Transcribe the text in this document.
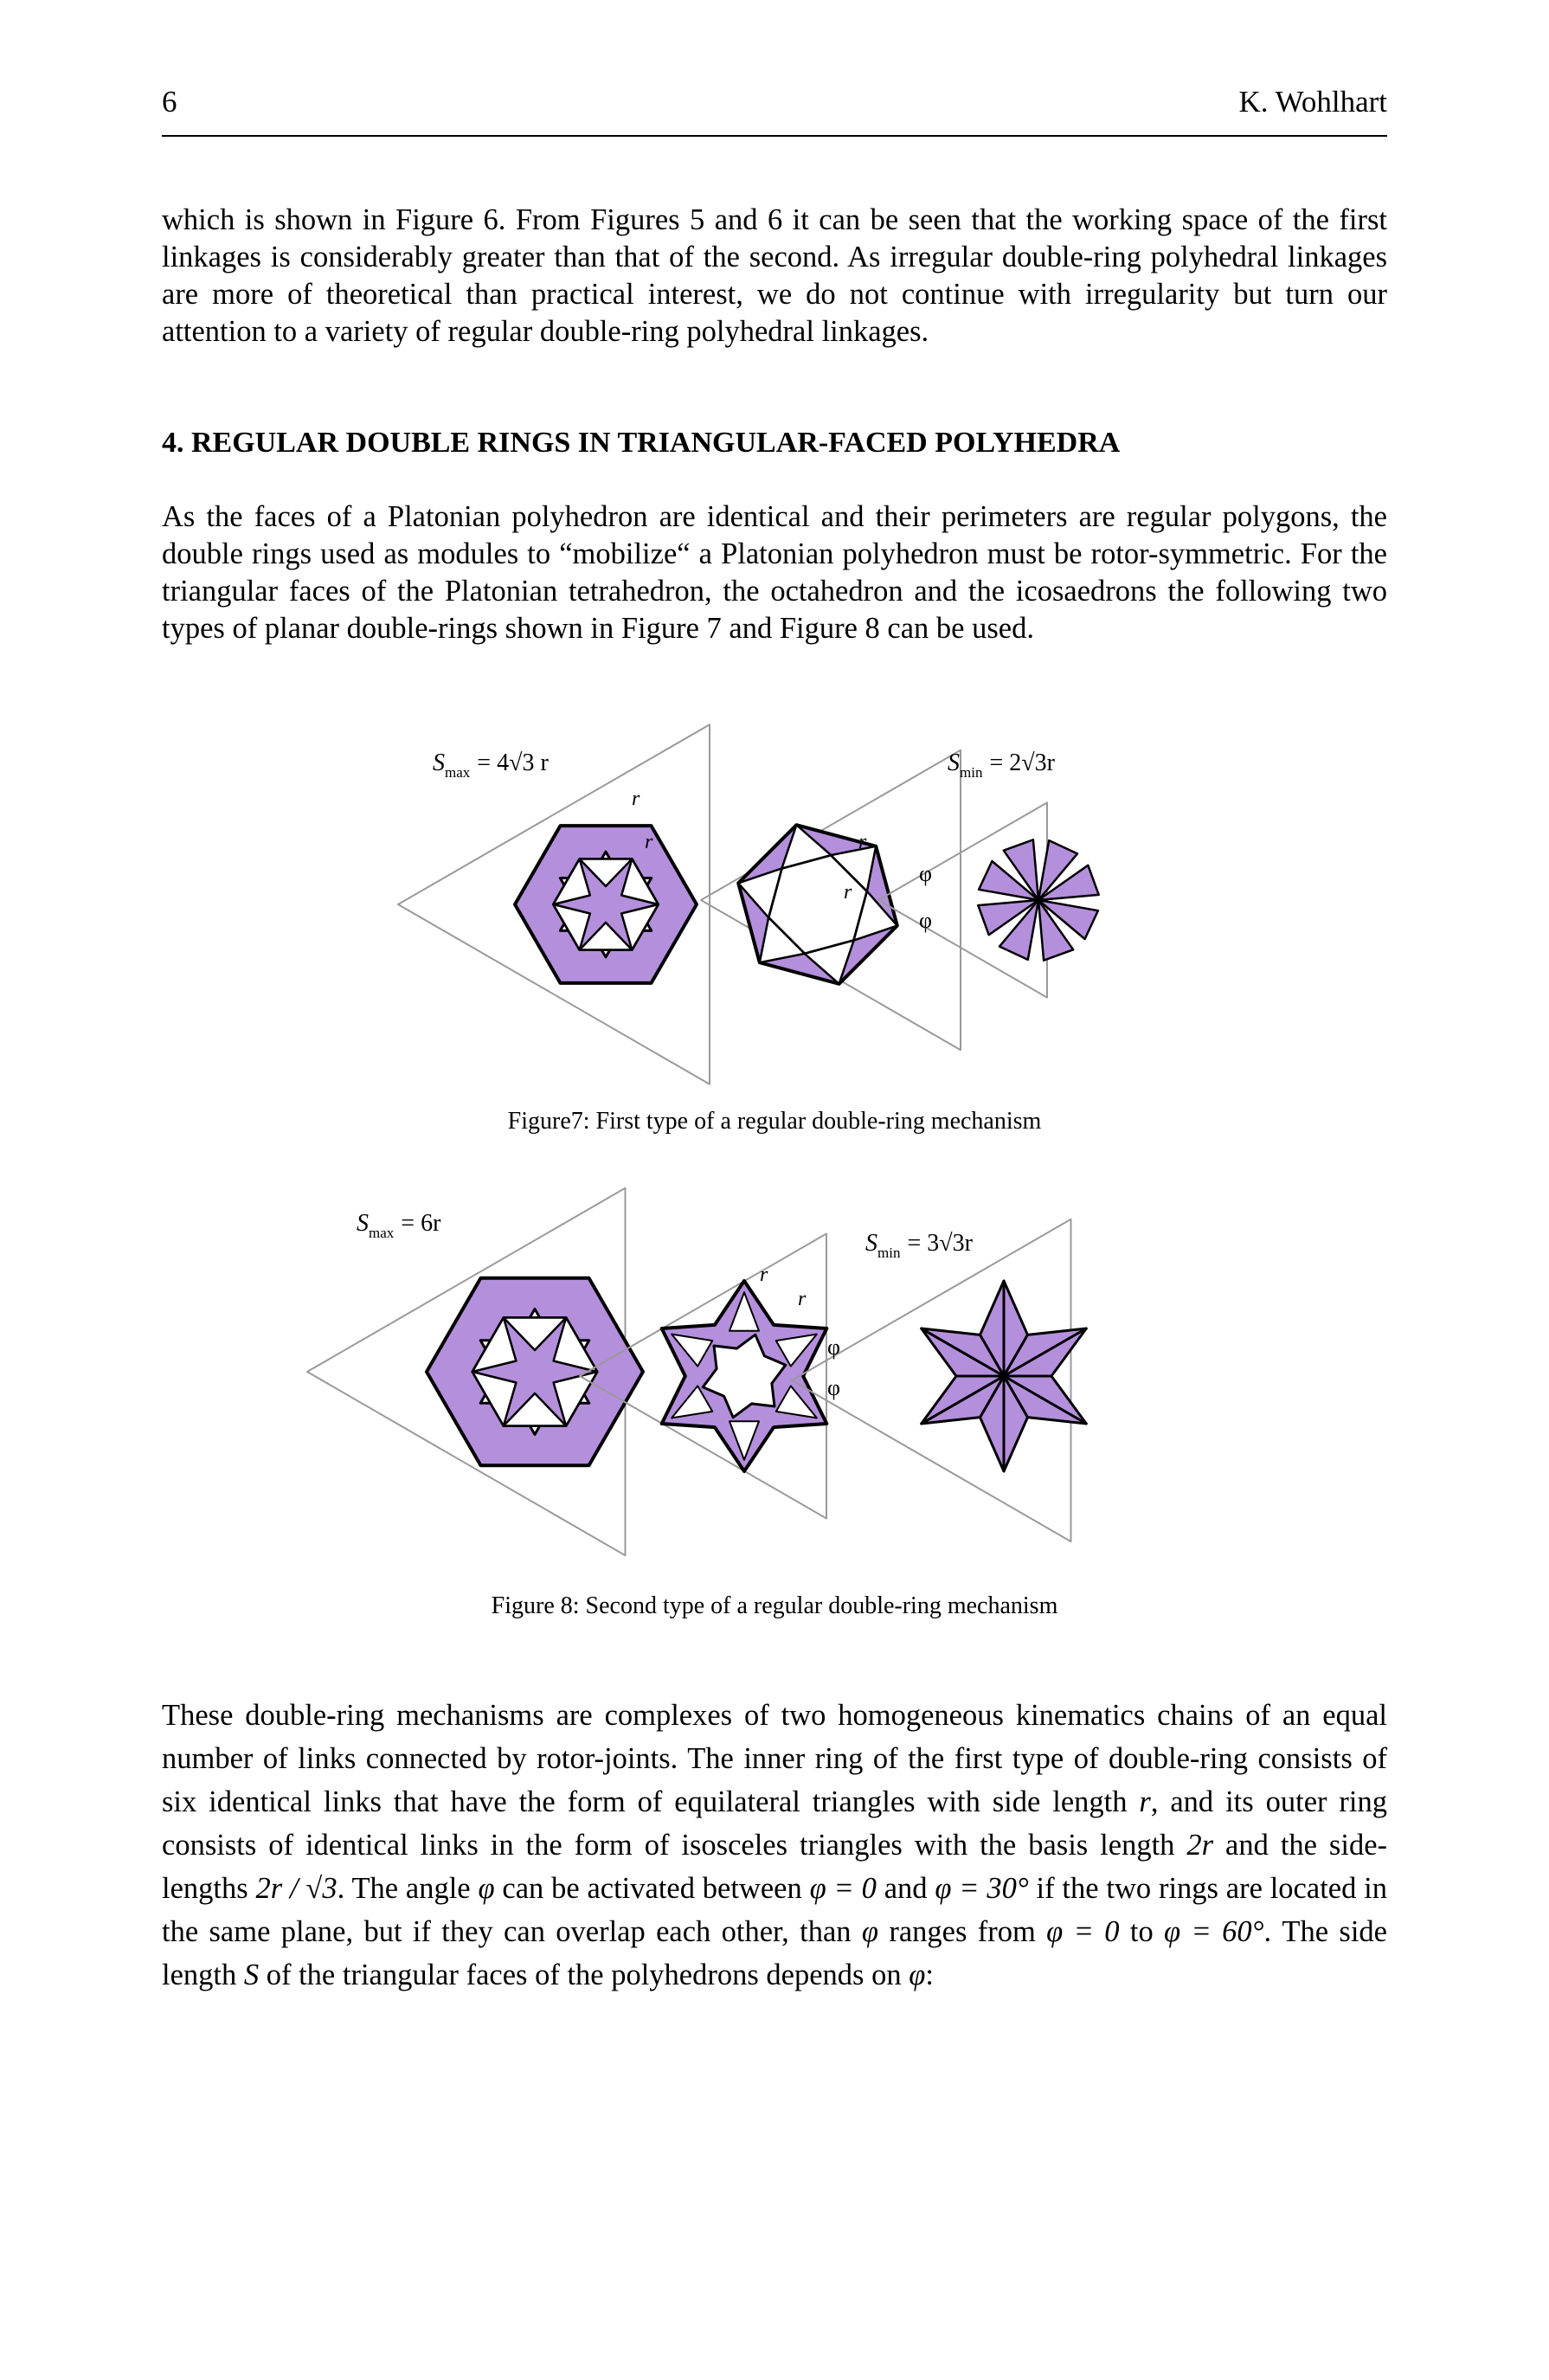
6	K. Wohlhart

which is shown in Figure 6. From Figures 5 and 6 it can be seen that the working space of the first linkages is considerably greater than that of the second. As irregular double-ring polyhedral linkages are more of theoretical than practical interest, we do not continue with irregularity but turn our attention to a variety of regular double-ring polyhedral linkages.

4. REGULAR DOUBLE RINGS IN TRIANGULAR-FACED POLYHEDRA

As the faces of a Platonian polyhedron are identical and their perimeters are regular polygons, the double rings used as modules to “mobilize“ a Platonian polyhedron must be rotor-symmetric. For the triangular faces of the Platonian tetrahedron, the octahedron and the icosaedrons the following two types of planar double-rings shown in Figure 7 and Figure 8 can be used.

$S_{max} = 4√3$ r	$S_{min} = 2√3r$
r
r	r
r
φ
φ
Figure7: First type of a regular double-ring mechanism
$S_{max} = 6r$
$S_{min} = 3√3r$
r
r
φ
φ
Figure 8: Second type of a regular double-ring mechanism

These double-ring mechanisms are complexes of two homogeneous kinematics chains of an equal number of links connected by rotor-joints. The inner ring of the first type of double-ring consists of six identical links that have the form of equilateral triangles with side length r, and its outer ring consists of identical links in the form of isosceles triangles with the basis length 2r and the side-lengths 2r / √3. The angle φ can be activated between φ = 0 and φ = 30° if the two rings are located in the same plane, but if they can overlap each other, than φ ranges from φ = 0 to φ = 60°. The side length S of the triangular faces of the polyhedrons depends on φ:
